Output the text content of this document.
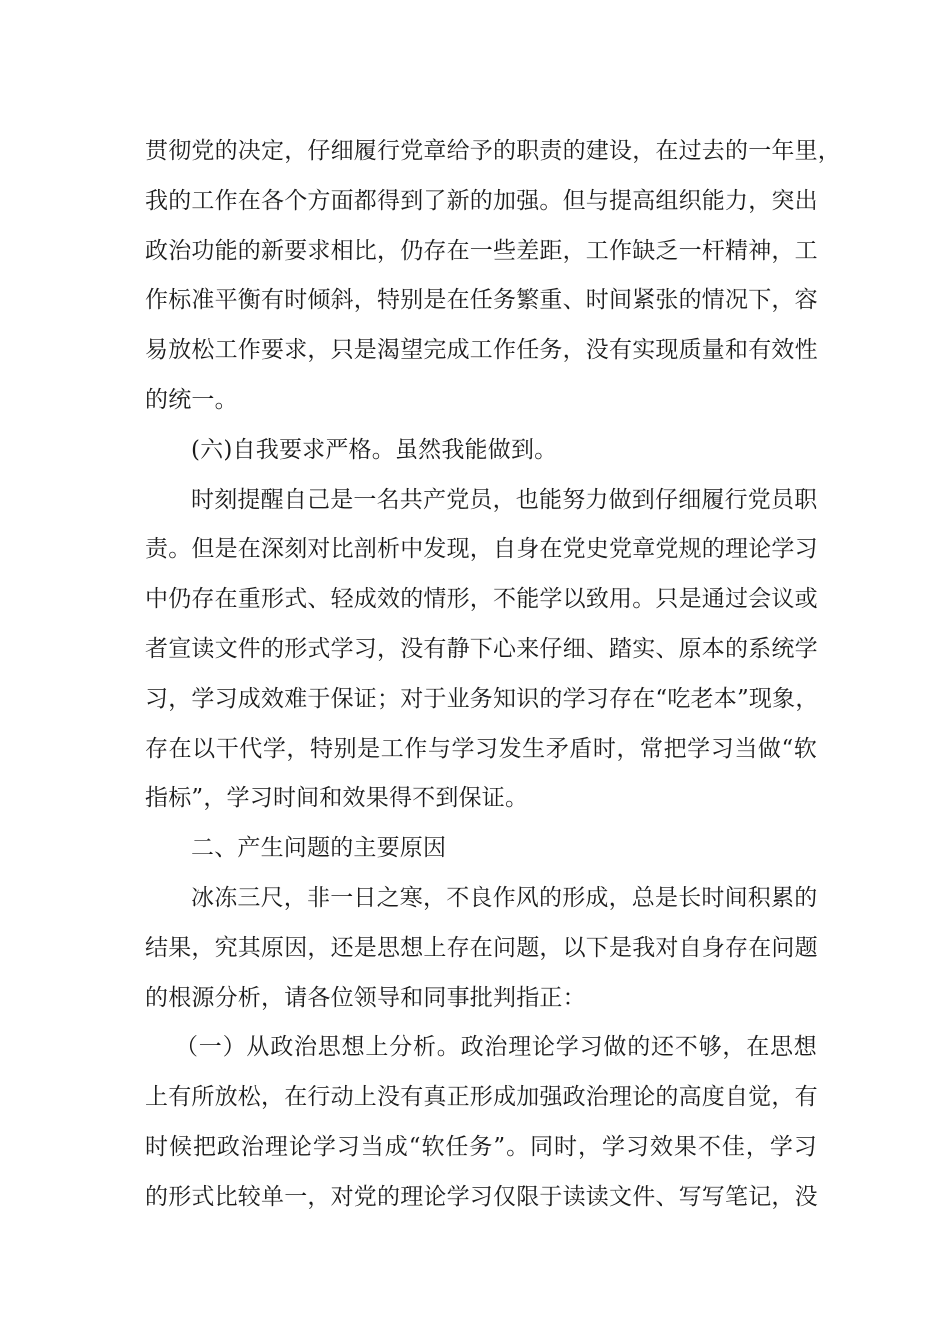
贯彻党的决定，仔细履行党章给予的职责的建设，在过去的一年里，
我的工作在各个方面都得到了新的加强。但与提高组织能力，突出
政治功能的新要求相比，仍存在一些差距，工作缺乏一杆精神，工
作标准平衡有时倾斜，特别是在任务繁重、时间紧张的情况下，容
易放松工作要求，只是渴望完成工作任务，没有实现质量和有效性
的统一。
(六)自我要求严格。虽然我能做到。
时刻提醒自己是一名共产党员，也能努力做到仔细履行党员职
责。但是在深刻对比剖析中发现，自身在党史党章党规的理论学习
中仍存在重形式、轻成效的情形，不能学以致用。只是通过会议或
者宣读文件的形式学习，没有静下心来仔细、踏实、原本的系统学
习，学习成效难于保证；对于业务知识的学习存在“吃老本”现象，
存在以干代学，特别是工作与学习发生矛盾时，常把学习当做“软
指标”，学习时间和效果得不到保证。
二、产生问题的主要原因
冰冻三尺，非一日之寒，不良作风的形成，总是长时间积累的
结果，究其原因，还是思想上存在问题，以下是我对自身存在问题
的根源分析，请各位领导和同事批判指正：
（一）从政治思想上分析。政治理论学习做的还不够，在思想
上有所放松，在行动上没有真正形成加强政治理论的高度自觉，有
时候把政治理论学习当成“软任务”。同时，学习效果不佳，学习
的形式比较单一，对党的理论学习仅限于读读文件、写写笔记，没
